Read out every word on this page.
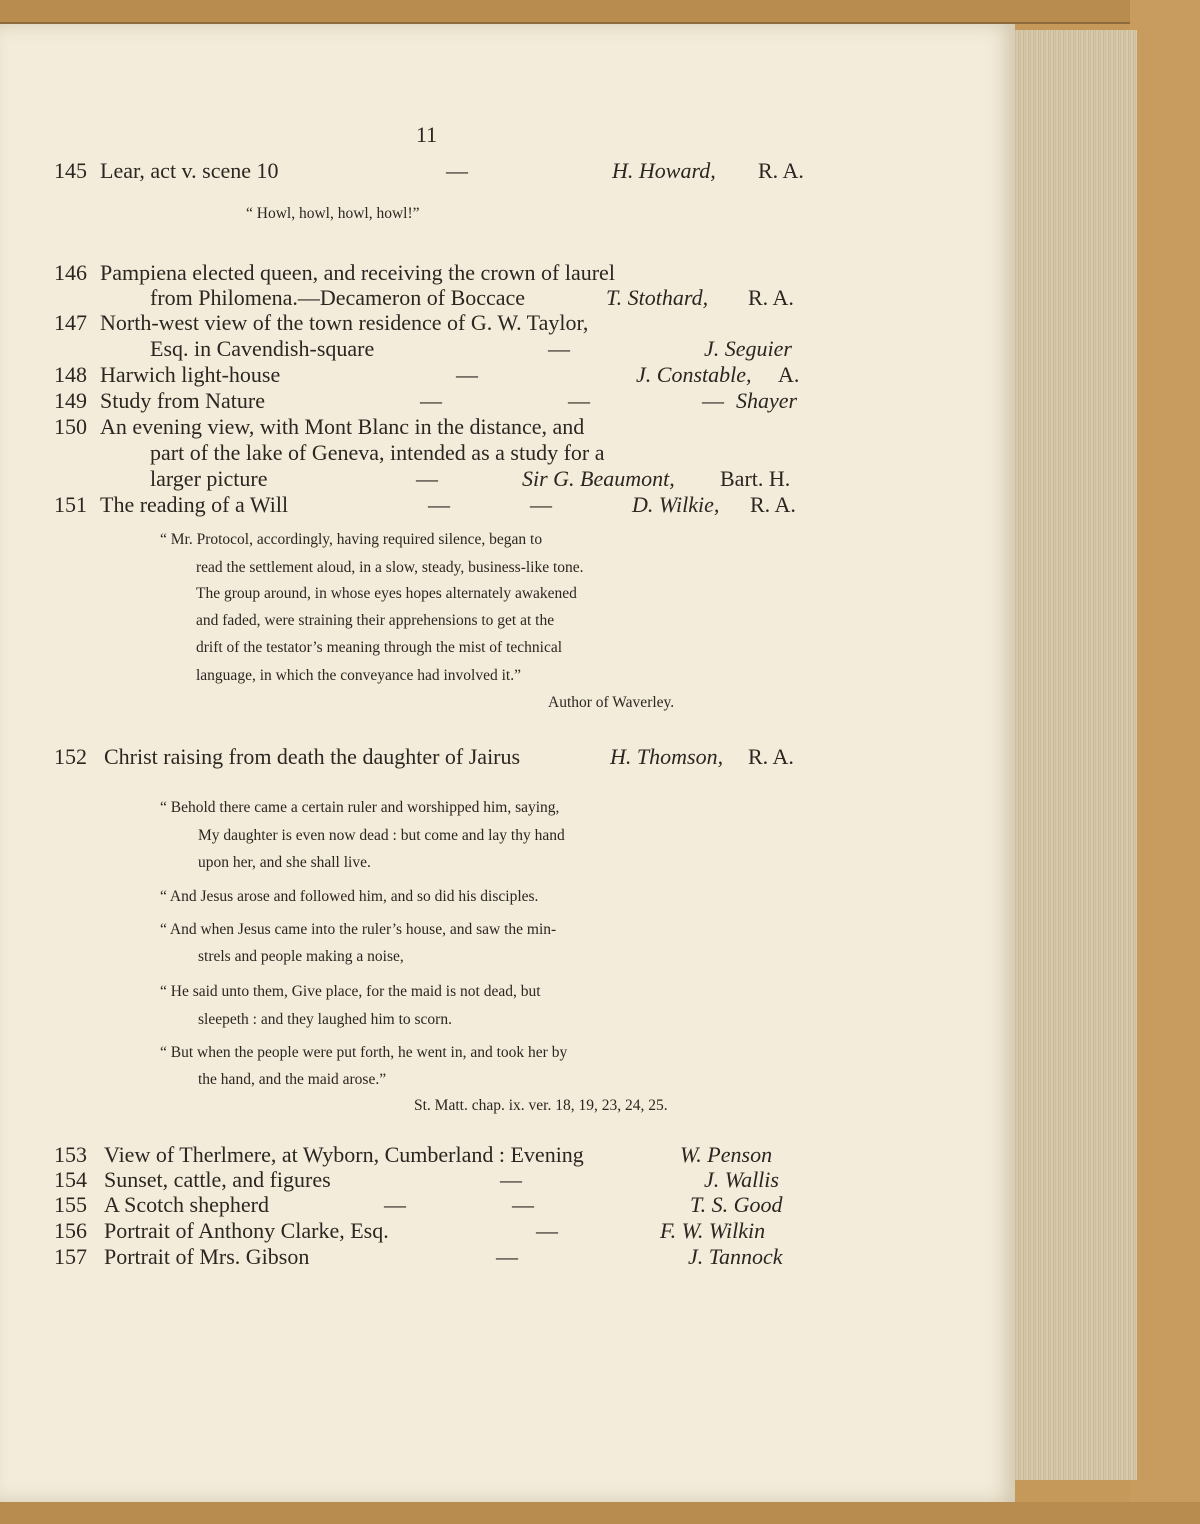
11
145 Lear, act v. scene 10	—	H. Howard, R. A.
“ Howl, howl, howl, howl!”
146 Pampiena elected queen, and receiving the crown of laurel
from Philomena.—Decameron of Boccace	T. Stothard, R. A.
147 North-west view of the town residence of G. W. Taylor,
Esq. in Cavendish-square	—	J. Seguier
148 Harwich light-house	—	J. Constable, A.
149 Study from Nature	—	—	— Shayer
150 An evening view, with Mont Blanc in the distance, and
part of the lake of Geneva, intended as a study for a
larger picture	—	Sir G. Beaumont, Bart. H.
151 The reading of a Will	—	—	D. Wilkie, R. A.
“ Mr. Protocol, accordingly, having required silence, began to
read the settlement aloud, in a slow, steady, business-like tone.
The group around, in whose eyes hopes alternately awakened
and faded, were straining their apprehensions to get at the
drift of the testator’s meaning through the mist of technical
language, in which the conveyance had involved it.”
Author of Waverley.
152 Christ raising from death the daughter of Jairus	H. Thomson, R. A.
“ Behold there came a certain ruler and worshipped him, saying,
My daughter is even now dead : but come and lay thy hand
upon her, and she shall live.
“ And Jesus arose and followed him, and so did his disciples.
“ And when Jesus came into the ruler’s house, and saw the min-
strels and people making a noise,
“ He said unto them, Give place, for the maid is not dead, but
sleepeth : and they laughed him to scorn.
“ But when the people were put forth, he went in, and took her by
the hand, and the maid arose.”
St. Matt. chap. ix. ver. 18, 19, 23, 24, 25.
153 View of Therlmere, at Wyborn, Cumberland : Evening	W. Penson
154 Sunset, cattle, and figures	—	J. Wallis
155 A Scotch shepherd	—	—	T. S. Good
156 Portrait of Anthony Clarke, Esq.	—	F. W. Wilkin
157 Portrait of Mrs. Gibson	—	J. Tannock
